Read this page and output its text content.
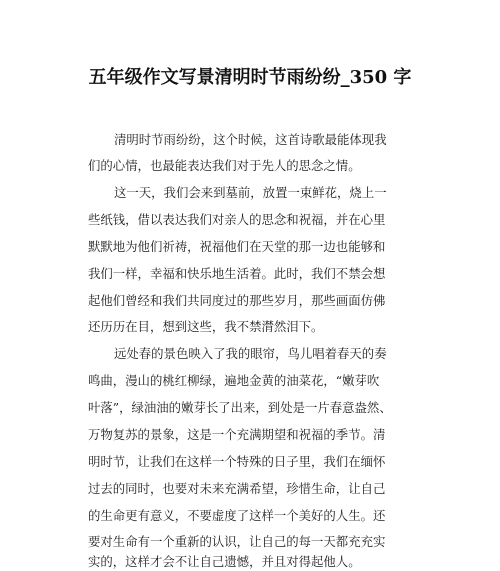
五年级作文写景清明时节雨纷纷_350 字
清明时节雨纷纷，这个时候，这首诗歌最能体现我
们的心情，也最能表达我们对于先人的思念之情。
这一天，我们会来到墓前，放置一束鲜花，烧上一
些纸钱，借以表达我们对亲人的思念和祝福，并在心里
默默地为他们祈祷，祝福他们在天堂的那一边也能够和
我们一样，幸福和快乐地生活着。此时，我们不禁会想
起他们曾经和我们共同度过的那些岁月，那些画面仿佛
还历历在目，想到这些，我不禁潸然泪下。
远处春的景色映入了我的眼帘，鸟儿唱着春天的奏
鸣曲，漫山的桃红柳绿，遍地金黄的油菜花，“嫩芽吹
叶落”，绿油油的嫩芽长了出来，到处是一片春意盎然、
万物复苏的景象，这是一个充满期望和祝福的季节。清
明时节，让我们在这样一个特殊的日子里，我们在缅怀
过去的同时，也要对未来充满希望，珍惜生命，让自己
的生命更有意义，不要虚度了这样一个美好的人生。还
要对生命有一个重新的认识，让自己的每一天都充充实
实的，这样才会不让自己遗憾，并且对得起他人。
